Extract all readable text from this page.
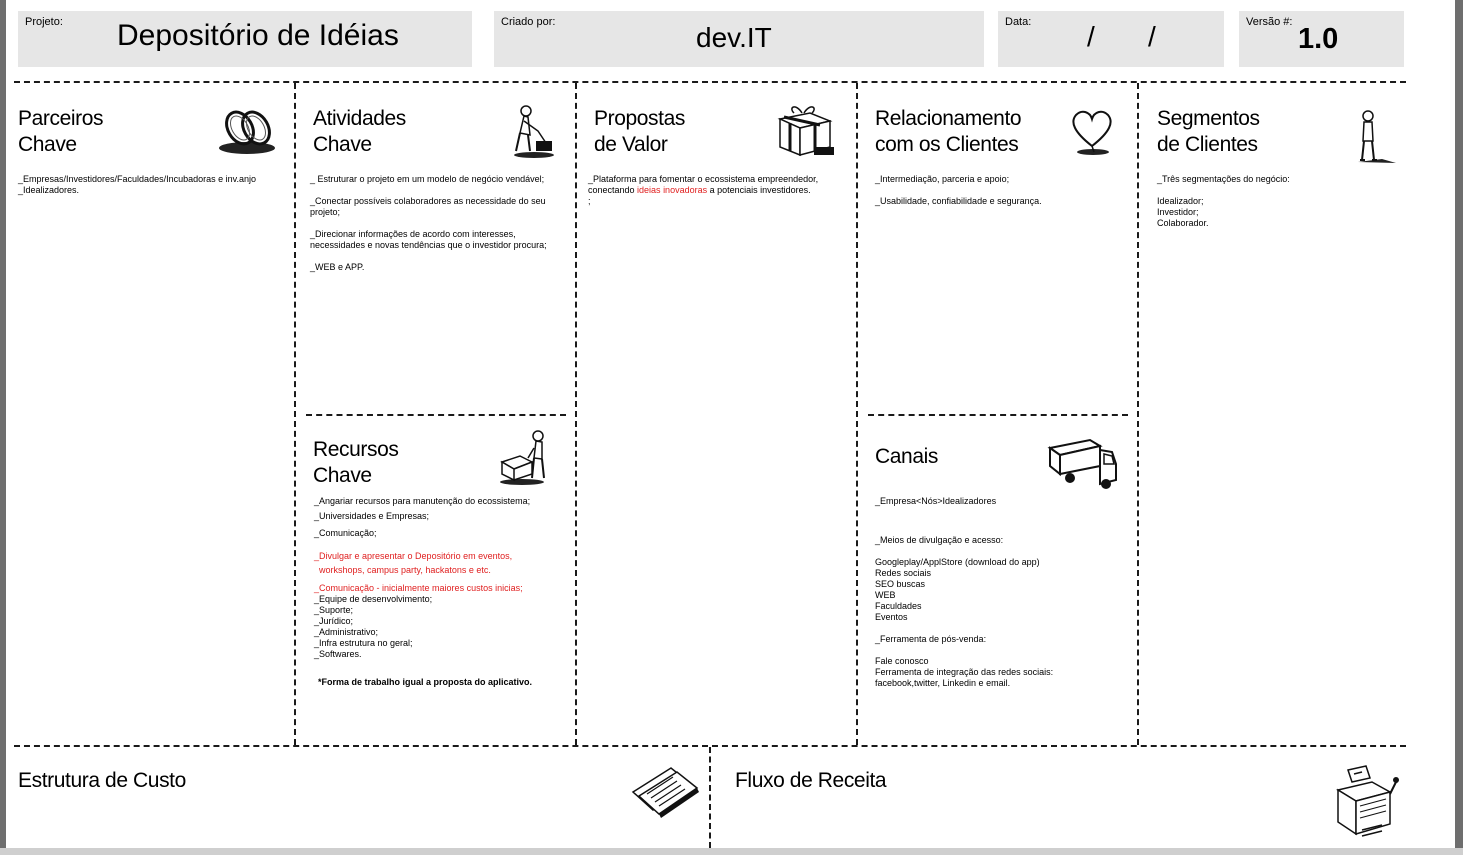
Projeto: Depositório de Idéias	Criado por:	dev.IT	Data: / /	Versão #:
1.0
Parceiros
Chave
_Empresas/Investidores/Faculdades/Incubadoras e inv.anjo
_Idealizadores.
Atividades
Chave

_ Estruturar o projeto em um modelo de negócio vendável;

_Conectar possíveis colaboradores as necessidade do seu projeto;

_Direcionar informações de acordo com interesses, necessidades e novas tendências que o investidor procura;

_WEB e APP.

Propostas
de Valor
_Plataforma para fomentar o ecossistema empreendedor,
conectando ideias inovadoras a potenciais investidores.
;
Relacionamento
com os Clientes

_Intermediação, parceria e apoio;

_Usabilidade, confiabilidade e segurança.

Segmentos
de Clientes

_Três segmentações do negócio:

Idealizador;
Investidor;
Colaborador.
Recursos
Chave
_Angariar recursos para manutenção do ecossistema;
_Universidades e Empresas;
_Comunicação;
_Divulgar e apresentar o Depositório em eventos,
workshops, campus party, hackatons e etc.
_Comunicação - inicialmente maiores custos inicias;
_Equipe de desenvolvimento;
_Suporte;
_Jurídico;
_Administrativo;
_Infra estrutura no geral;
_Softwares.
*Forma de trabalho igual a proposta do aplicativo.
Canais
_Empresa<Nós>Idealizadores
_Meios de divulgação e acesso:
Googleplay/ApplStore (download do app)
Redes sociais
SEO buscas
WEB
Faculdades
Eventos
_Ferramenta de pós-venda:
Fale conosco
Ferramenta de integração das redes sociais:
facebook,twitter, Linkedin e email.
Estrutura de Custo	Fluxo de Receita
